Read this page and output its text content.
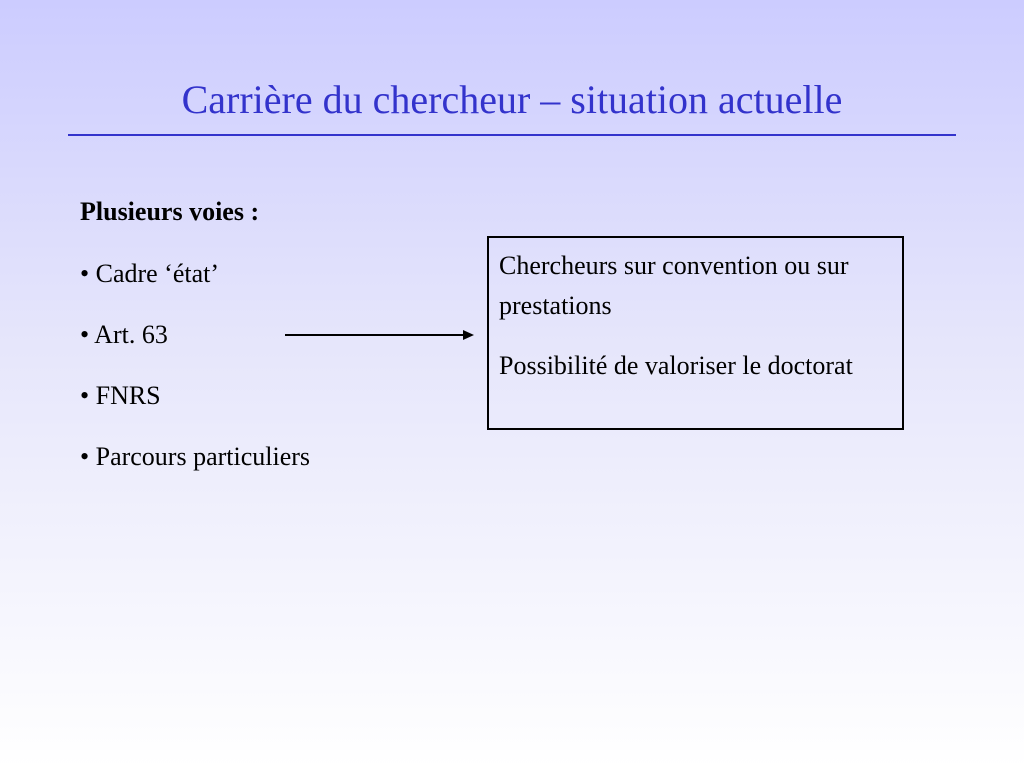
Carrière du chercheur – situation actuelle
Plusieurs voies :
• Cadre ‘état’
• Art. 63
• FNRS
• Parcours particuliers

Chercheurs sur convention ou sur prestations

Possibilité de valoriser le doctorat
